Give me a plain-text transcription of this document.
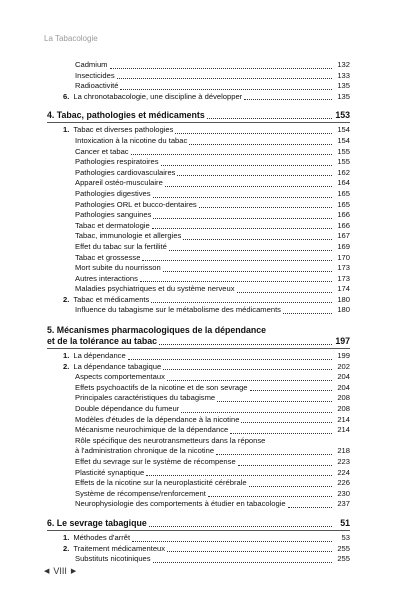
La Tabacologie
Cadmium	132
Insecticides	133
Radioactivité	135
6. La chronotabacologie, une discipline à développer	135
4. Tabac, pathologies et médicaments	153
1. Tabac et diverses pathologies	154
Intoxication à la nicotine du tabac	154
Cancer et tabac	155
Pathologies respiratoires	155
Pathologies cardiovasculaires	162
Appareil ostéo-musculaire	164
Pathologies digestives	165
Pathologies ORL et bucco-dentaires	165
Pathologies sanguines	166
Tabac et dermatologie	166
Tabac, immunologie et allergies	167
Effet du tabac sur la fertilité	169
Tabac et grossesse	170
Mort subite du nourrisson	173
Autres interactions	173
Maladies psychiatriques et du système nerveux	174
2. Tabac et médicaments	180
Influence du tabagisme sur le métabolisme des médicaments	180
5. Mécanismes pharmacologiques de la dépendance
et de la tolérance au tabac	197
1. La dépendance	199
2. La dépendance tabagique	202
Aspects comportementaux	204
Effets psychoactifs de la nicotine et de son sevrage	204
Principales caractéristiques du tabagisme	208
Double dépendance du fumeur	208
Modèles d'études de la dépendance à la nicotine	214
Mécanisme neurochimique de la dépendance	214
Rôle spécifique des neurotransmetteurs dans la réponse
à l'administration chronique de la nicotine	218
Effet du sevrage sur le système de récompense	223
Plasticité synaptique	224
Effets de la nicotine sur la neuroplasticité cérébrale	226
Système de récompense/renforcement	230
Neurophysiologie des comportements à étudier en tabacologie	237
6. Le sevrage tabagique	51
1. Méthodes d'arrêt	53
2. Traitement médicamenteux	255
Substituts nicotiniques	255
◀ VIII ▶
